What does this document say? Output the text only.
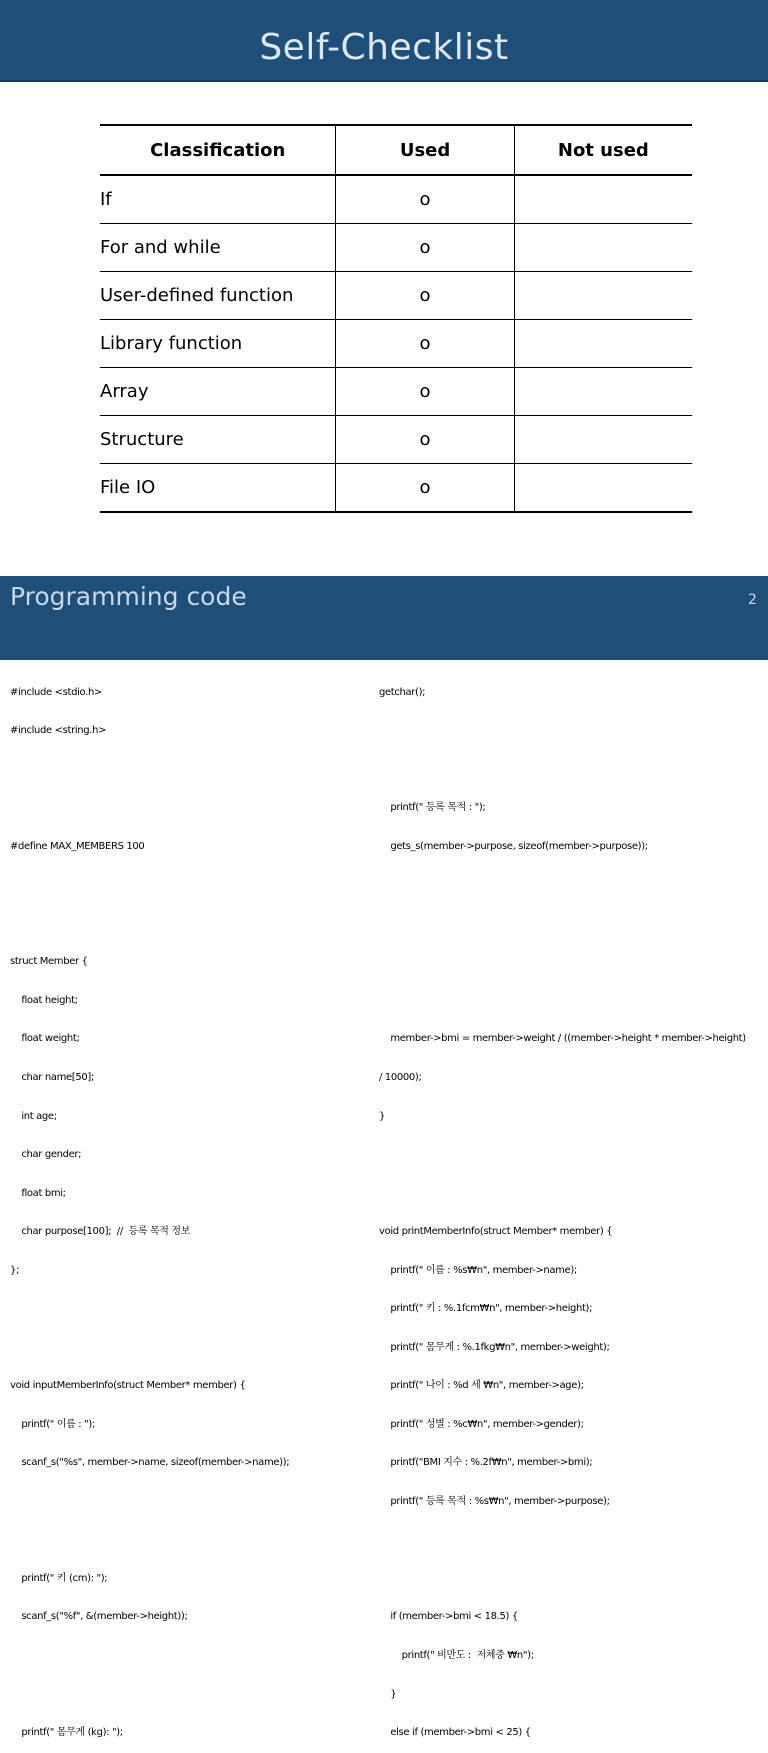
Self-Checklist
Classification	Used	Not used
If	o	
For and while	o	
User-defined function	o	
Library function	o	
Array	o	
Structure	o	
File IO	o	
Programming code	2

#include <stdio.h>

#include <string.h>

#define MAX_MEMBERS 100

struct Member {

float height;

float weight;

char name[50];

int age;

char gender;

float bmi;

char purpose[100];  //  등록 목적 정보

};

void inputMemberInfo(struct Member* member) {

printf(" 이름 : ");

scanf_s("%s", member->name, sizeof(member->name));

printf(" 키 (cm): ");

scanf_s("%f", &(member->height));

printf(" 몸무게 (kg): ");

getchar();

printf(" 등록 목적 : ");

gets_s(member->purpose, sizeof(member->purpose));

member->bmi = member->weight / ((member->height * member->height)

/ 10000);

}

void printMemberInfo(struct Member* member) {

printf(" 이름 : %s₩n", member->name);

printf(" 키 : %.1fcm₩n", member->height);

printf(" 몸무게 : %.1fkg₩n", member->weight);

printf(" 나이 : %d 세 ₩n", member->age);

printf(" 성별 : %c₩n", member->gender);

printf("BMI 지수 : %.2f₩n", member->bmi);

printf(" 등록 목적 : %s₩n", member->purpose);

if (member->bmi < 18.5) {

printf(" 비만도 :  저체중 ₩n");

}

else if (member->bmi < 25) {
